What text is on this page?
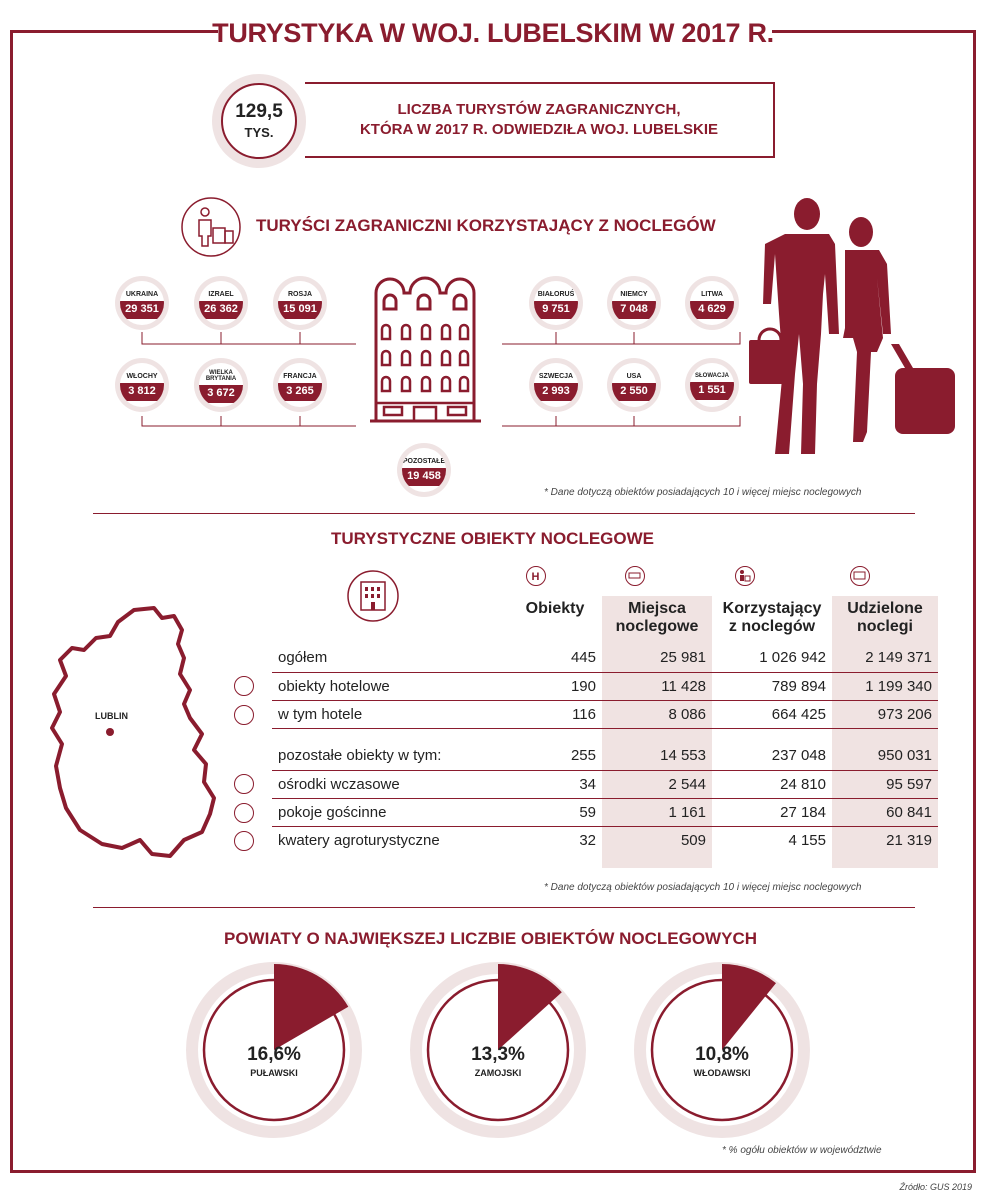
TURYSTYKA W WOJ. LUBELSKIM W 2017 R.
129,5
TYS.
LICZBA TURYSTÓW ZAGRANICZNYCH,
KTÓRA W 2017 R. ODWIEDZIŁA WOJ. LUBELSKIE
TURYŚCI ZAGRANICZNI KORZYSTAJĄCY Z NOCLEGÓW
UKRAINA
29 351
IZRAEL
26 362
ROSJA
15 091
WŁOCHY
3 812
WIELKA BRYTANIA
3 672
FRANCJA
3 265
POZOSTAŁE
19 458
BIAŁORUŚ
9 751
NIEMCY
7 048
LITWA
4 629
SZWECJA
2 993
USA
2 550
SŁOWACJA
1 551
* Dane dotyczą obiektów posiadających 10 i więcej miejsc noclegowych
TURYSTYCZNE OBIEKTY NOCLEGOWE
H
LUBLIN
	Obiekty	Miejsca noclegowe	Korzystający z noclegów	Udzielone noclegi
ogółem	445	25 981	1 026 942	2 149 371
obiekty hotelowe	190	11 428	789 894	1 199 340
w tym hotele	116	8 086	664 425	973 206

pozostałe obiekty w tym:	255	14 553	237 048	950 031
ośrodki wczasowe	34	2 544	24 810	95 597
pokoje gościnne	59	1 161	27 184	60 841
kwatery agroturystyczne	32	509	4 155	21 319

* Dane dotyczą obiektów posiadających 10 i więcej miejsc noclegowych
POWIATY O NAJWIĘKSZEJ LICZBIE OBIEKTÓW NOCLEGOWYCH
16,6%
PUŁAWSKI
13,3%
ZAMOJSKI
10,8%
WŁODAWSKI
* % ogółu obiektów w województwie
Źródło: GUS 2019
